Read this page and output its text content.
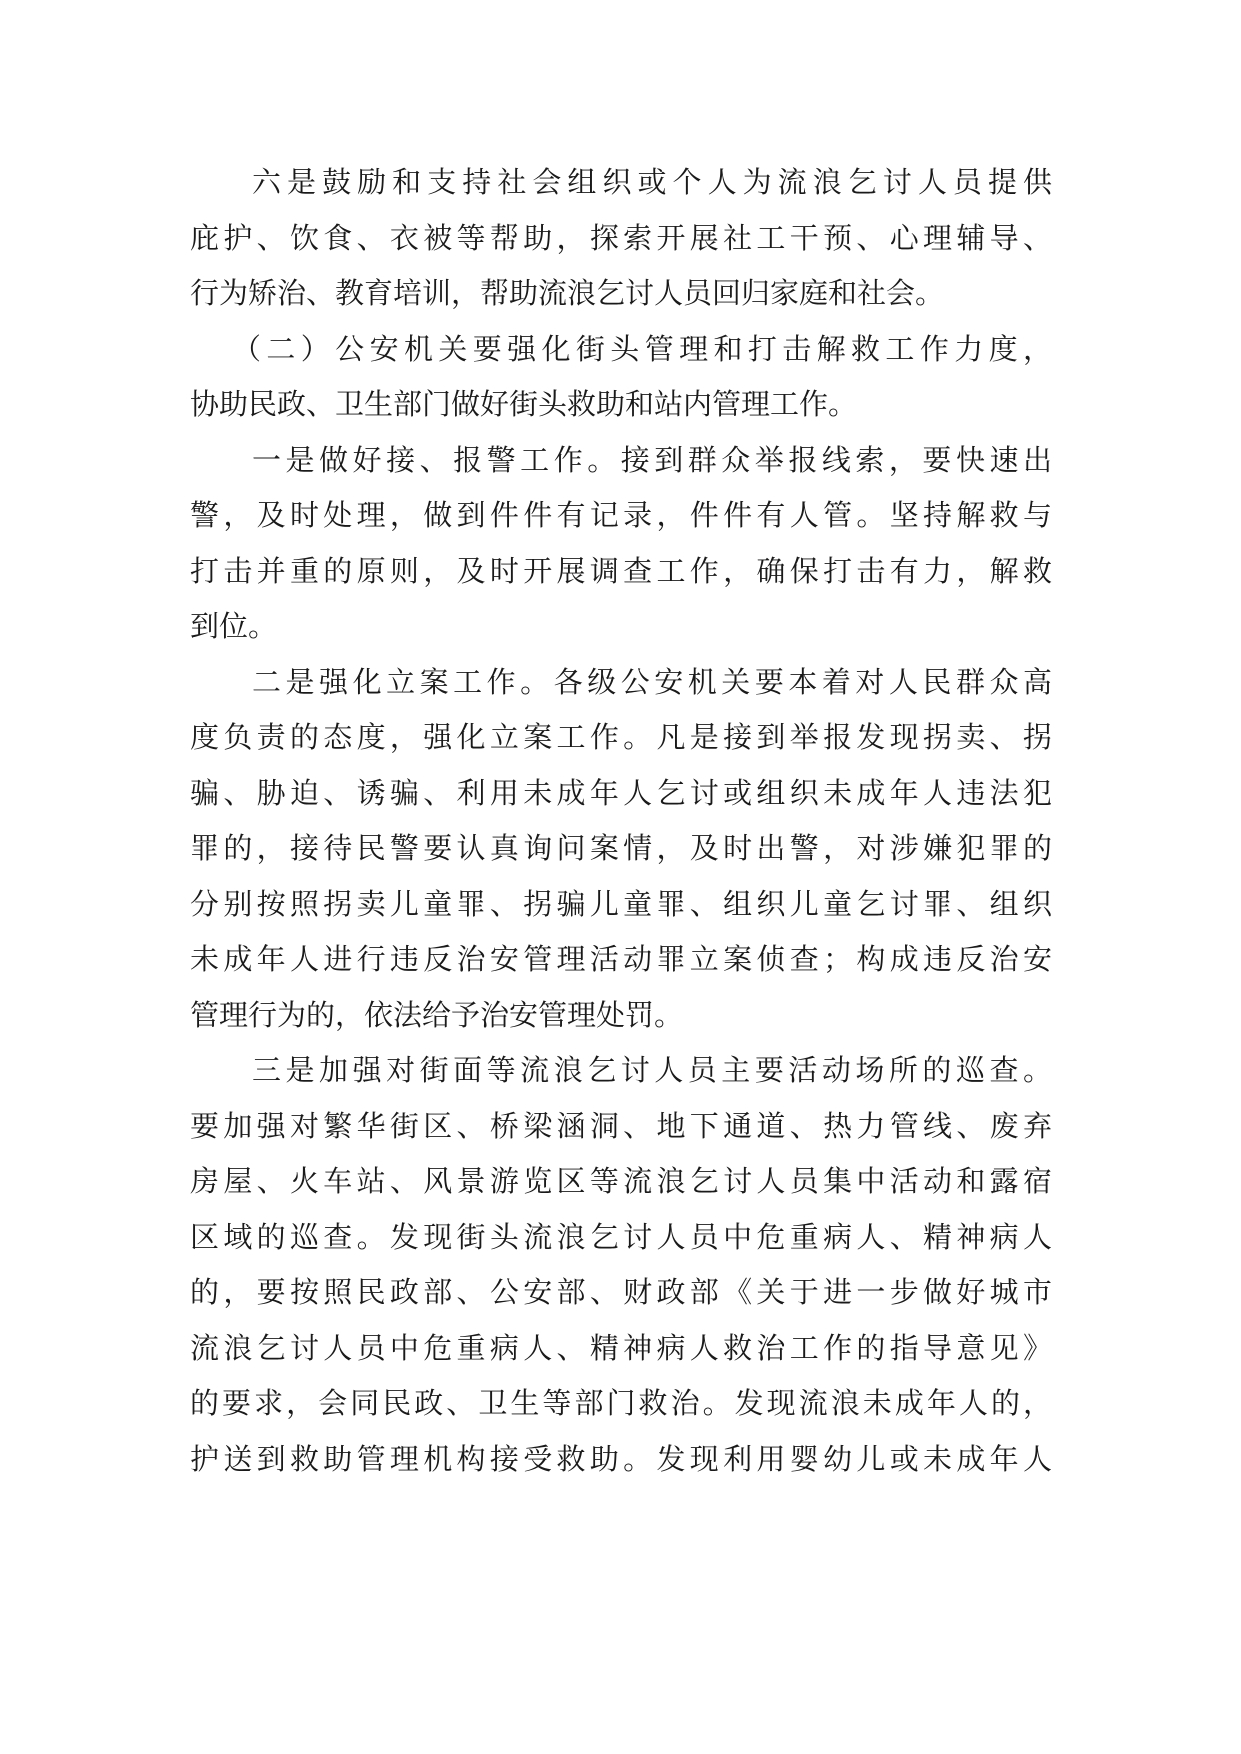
六是鼓励和支持社会组织或个人为流浪乞讨人员提供
庇护、饮食、衣被等帮助，探索开展社工干预、心理辅导、
行为矫治、教育培训，帮助流浪乞讨人员回归家庭和社会。
（二）公安机关要强化街头管理和打击解救工作力度，
协助民政、卫生部门做好街头救助和站内管理工作。
一是做好接、报警工作。接到群众举报线索，要快速出
警，及时处理，做到件件有记录，件件有人管。坚持解救与
打击并重的原则，及时开展调查工作，确保打击有力，解救
到位。
二是强化立案工作。各级公安机关要本着对人民群众高
度负责的态度，强化立案工作。凡是接到举报发现拐卖、拐
骗、胁迫、诱骗、利用未成年人乞讨或组织未成年人违法犯
罪的，接待民警要认真询问案情，及时出警，对涉嫌犯罪的
分别按照拐卖儿童罪、拐骗儿童罪、组织儿童乞讨罪、组织
未成年人进行违反治安管理活动罪立案侦查；构成违反治安
管理行为的，依法给予治安管理处罚。
三是加强对街面等流浪乞讨人员主要活动场所的巡查。
要加强对繁华街区、桥梁涵洞、地下通道、热力管线、废弃
房屋、火车站、风景游览区等流浪乞讨人员集中活动和露宿
区域的巡查。发现街头流浪乞讨人员中危重病人、精神病人
的，要按照民政部、公安部、财政部《关于进一步做好城市
流浪乞讨人员中危重病人、精神病人救治工作的指导意见》
的要求，会同民政、卫生等部门救治。发现流浪未成年人的，
护送到救助管理机构接受救助。发现利用婴幼儿或未成年人
